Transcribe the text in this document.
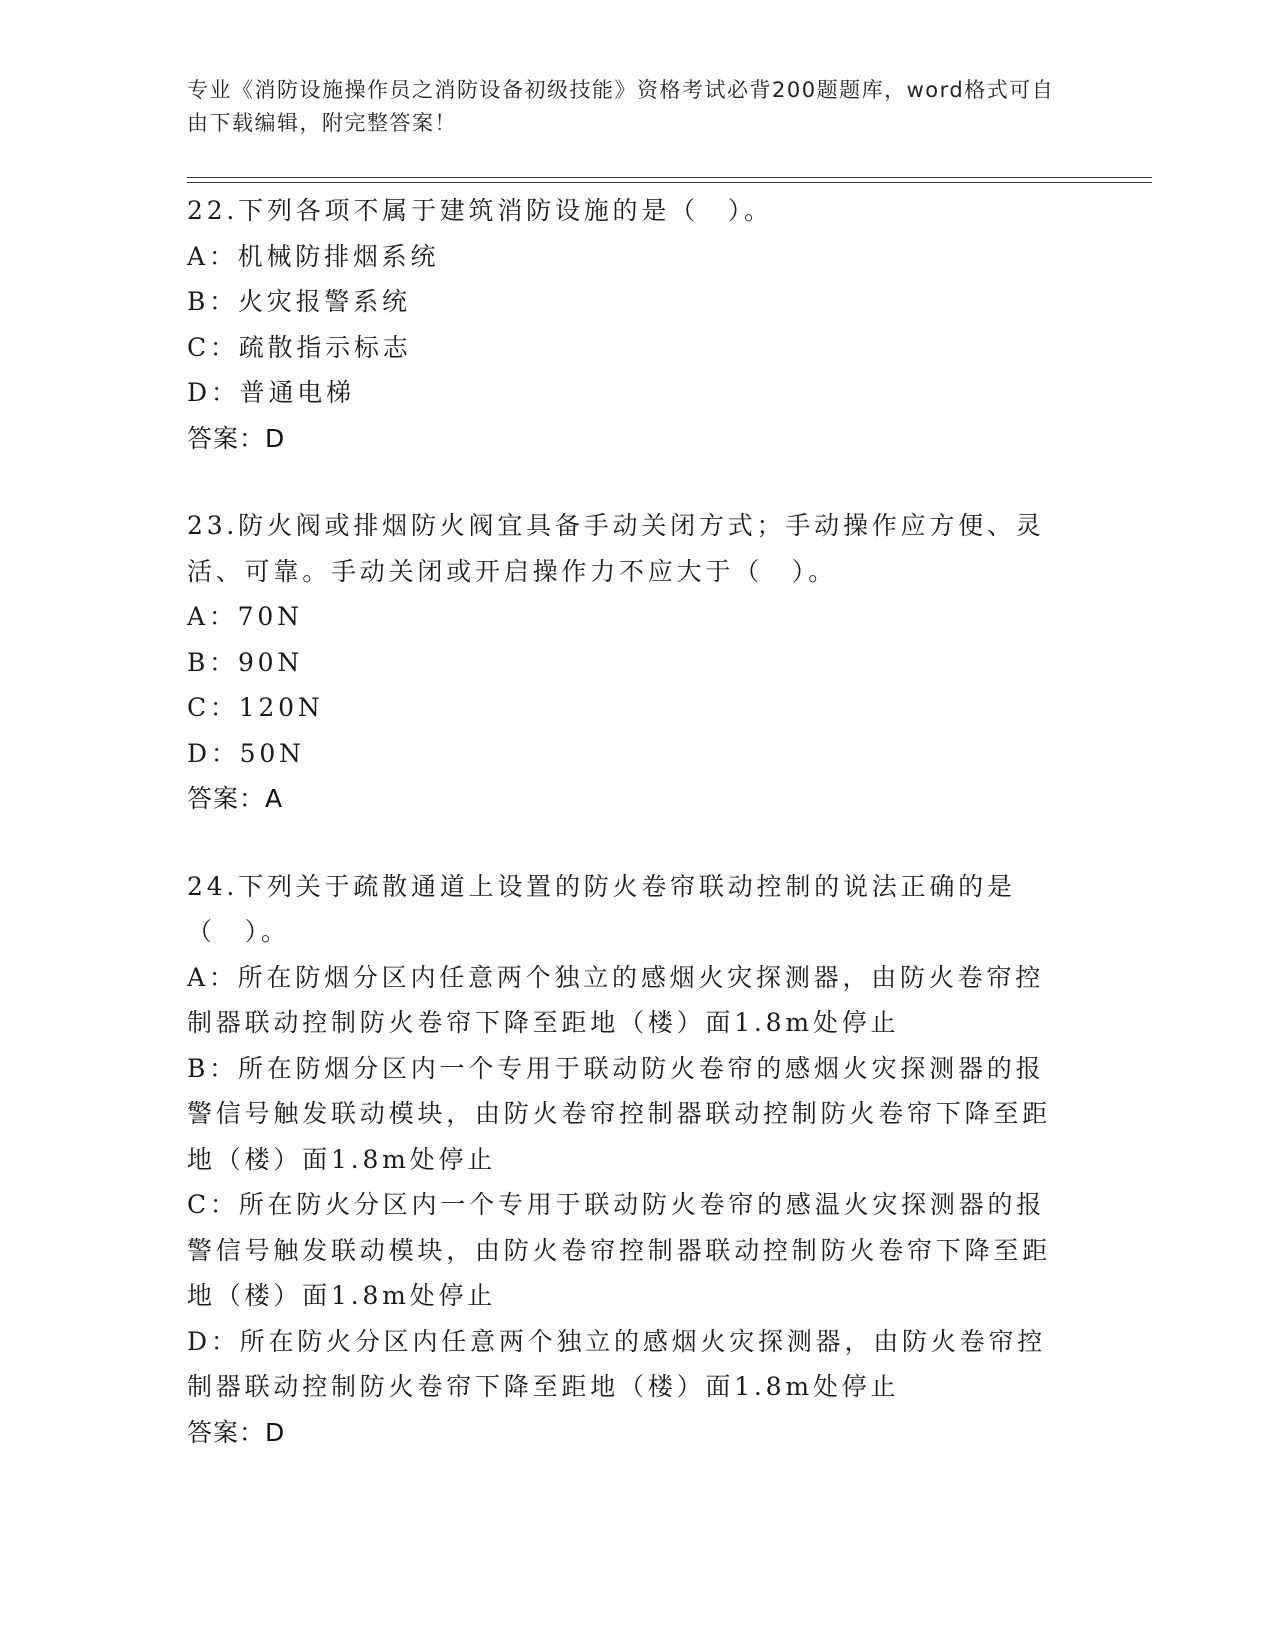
专业《消防设施操作员之消防设备初级技能》资格考试必背200题题库，word格式可自由下载编辑，附完整答案！
22.下列各项不属于建筑消防设施的是（　）。
A：机械防排烟系统
B：火灾报警系统
C：疏散指示标志
D：普通电梯
答案：D
23.防火阀或排烟防火阀宜具备手动关闭方式；手动操作应方便、灵活、可靠。手动关闭或开启操作力不应大于（　）。
A：70N
B：90N
C：120N
D：50N
答案：A
24.下列关于疏散通道上设置的防火卷帘联动控制的说法正确的是（　）。
A：所在防烟分区内任意两个独立的感烟火灾探测器，由防火卷帘控制器联动控制防火卷帘下降至距地（楼）面1.8m处停止
B：所在防烟分区内一个专用于联动防火卷帘的感烟火灾探测器的报警信号触发联动模块，由防火卷帘控制器联动控制防火卷帘下降至距地（楼）面1.8m处停止
C：所在防火分区内一个专用于联动防火卷帘的感温火灾探测器的报警信号触发联动模块，由防火卷帘控制器联动控制防火卷帘下降至距地（楼）面1.8m处停止
D：所在防火分区内任意两个独立的感烟火灾探测器，由防火卷帘控制器联动控制防火卷帘下降至距地（楼）面1.8m处停止
答案：D
